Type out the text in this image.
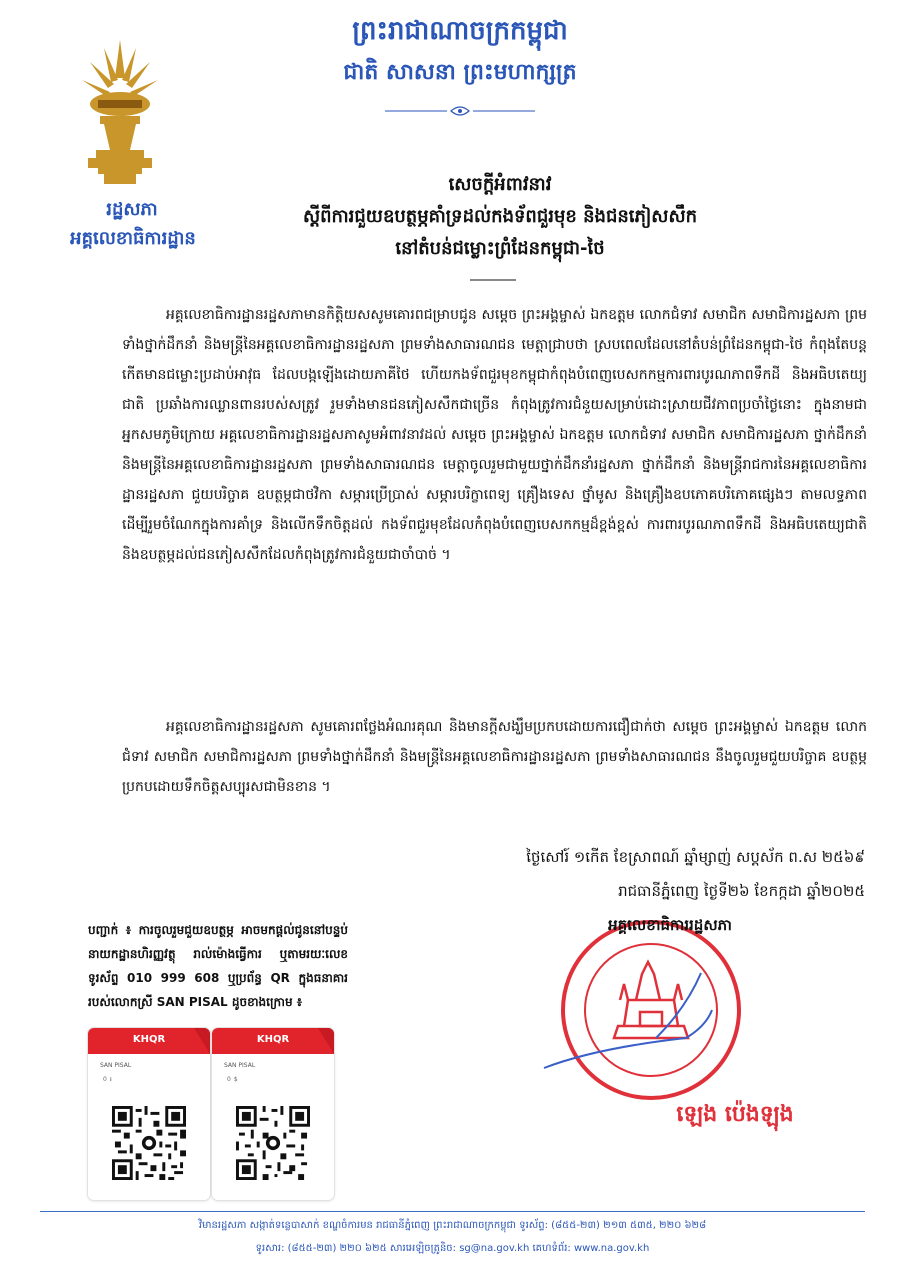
ព្រះរាជាណាចក្រកម្ពុជា
ជាតិ សាសនា ព្រះមហាក្សត្រ
រដ្ឋសភា
អគ្គលេខាធិការដ្ឋាន
សេចក្តីអំពាវនាវ
ស្តីពីការជួយឧបត្ថម្ភគាំទ្រដល់កងទ័ពជួរមុខ និងជនភៀសសឹក
នៅតំបន់ជម្លោះព្រំដែនកម្ពុជា-ថៃ
អគ្គលេខាធិការដ្ឋានរដ្ឋសភាមានកិត្តិយសសូមគោរពជម្រាបជូន សម្តេច ព្រះអង្គម្ចាស់ ឯកឧត្តម លោកជំទាវ សមាជិក សមាជិការដ្ឋសភា ព្រមទាំងថ្នាក់ដឹកនាំ និងមន្ត្រីនៃអគ្គលេខាធិការដ្ឋានរដ្ឋសភា ព្រមទាំងសាធារណជន មេត្តាជ្រាបថា ស្របពេលដែលនៅតំបន់ព្រំដែនកម្ពុជា-ថៃ កំពុងតែបន្តកើតមានជម្លោះប្រដាប់អាវុធ ដែលបង្កឡើងដោយភាគីថៃ ហើយកងទ័ពជួរមុខកម្ពុជាកំពុងបំពេញបេសកកម្មការពារបូរណភាពទឹកដី និងអធិបតេយ្យជាតិ ប្រឆាំងការឈ្លានពានរបស់សត្រូវ រួមទាំងមានជនភៀសសឹកជាច្រើន កំពុងត្រូវការជំនួយសម្រាប់ដោះស្រាយជីវភាពប្រចាំថ្ងៃនោះ ក្នុងនាមជាអ្នកសមភូមិក្រោយ អគ្គលេខាធិការដ្ឋានរដ្ឋសភាសូមអំពាវនាវដល់ សម្តេច ព្រះអង្គម្ចាស់ ឯកឧត្តម លោកជំទាវ សមាជិក សមាជិការដ្ឋសភា ថ្នាក់ដឹកនាំ និងមន្ត្រីនៃអគ្គលេខាធិការដ្ឋានរដ្ឋសភា ព្រមទាំងសាធារណជន មេត្តាចូលរួមជាមួយថ្នាក់ដឹកនាំរដ្ឋសភា ថ្នាក់ដឹកនាំ និងមន្ត្រីរាជការនៃអគ្គលេខាធិការដ្ឋានរដ្ឋសភា ជួយបរិច្ចាគ ឧបត្ថម្ភជាថវិកា សម្ភារប្រើប្រាស់ សម្ភារបរិក្ខាពេទ្យ គ្រឿងទេស ថ្នាំមូស និងគ្រឿងឧបភោគបរិភោគផ្សេងៗ តាមលទ្ធភាពដើម្បីរួមចំណែកក្នុងការគាំទ្រ និងលើកទឹកចិត្តដល់ កងទ័ពជួរមុខដែលកំពុងបំពេញបេសកកម្មដ៏ខ្ពង់ខ្ពស់ ការពារបូរណភាពទឹកដី និងអធិបតេយ្យជាតិ និងឧបត្ថម្ភដល់ជនភៀសសឹកដែលកំពុងត្រូវការជំនួយជាចាំបាច់ ។
អគ្គលេខាធិការដ្ឋានរដ្ឋសភា សូមគោរពថ្លែងអំណរគុណ និងមានក្តីសង្ឃឹមប្រកបដោយការជឿជាក់ថា សម្តេច ព្រះអង្គម្ចាស់ ឯកឧត្តម លោកជំទាវ សមាជិក សមាជិការដ្ឋសភា ព្រមទាំងថ្នាក់ដឹកនាំ និងមន្ត្រីនៃអគ្គលេខាធិការដ្ឋានរដ្ឋសភា ព្រមទាំងសាធារណជន នឹងចូលរួមជួយបរិច្ចាគ ឧបត្ថម្ភ ប្រកបដោយទឹកចិត្តសប្បុរសជាមិនខាន ។
ថ្ងៃសៅរ៍ ១កើត ខែស្រាពណ៍ ឆ្នាំម្សាញ់ សប្តស័ក ព.ស ២៥៦៩
រាជធានីភ្នំពេញ ថ្ងៃទី២៦ ខែកក្កដា ឆ្នាំ២០២៥
អគ្គលេខាធិការរដ្ឋសភា
ឡេង ប៉េងឡុង
បញ្ជាក់ ៖ ការចូលរួមជួយឧបត្ថម្ភ អាចមកផ្តល់ជូននៅបន្ទប់ នាយកដ្ឋានហិរញ្ញវត្ថុ រាល់ម៉ោងធ្វើការ ឬតាមរយៈលេខទូរស័ព្ទ 010 999 608 ឬប្រព័ន្ធ QR ក្នុងធនាគារ របស់លោកស្រី SAN PISAL ដូចខាងក្រោម ៖
KHQR
SAN PISAL
0 ៛
KHQR
SAN PISAL
0 $
វិមានរដ្ឋសភា សង្កាត់ទន្លេបាសាក់ ខណ្ឌចំការមន រាជធានីភ្នំពេញ ព្រះរាជាណាចក្រកម្ពុជា ទូរស័ព្ទ: (៨៥៥-២៣) ២១៣ ៥៣៥, ២២០ ៦២៨
ទូរសារ: (៨៥៥-២៣) ២២០ ៦២៥ សារអេឡិចត្រូនិច: sg@na.gov.kh គេហទំព័រ: www.na.gov.kh
